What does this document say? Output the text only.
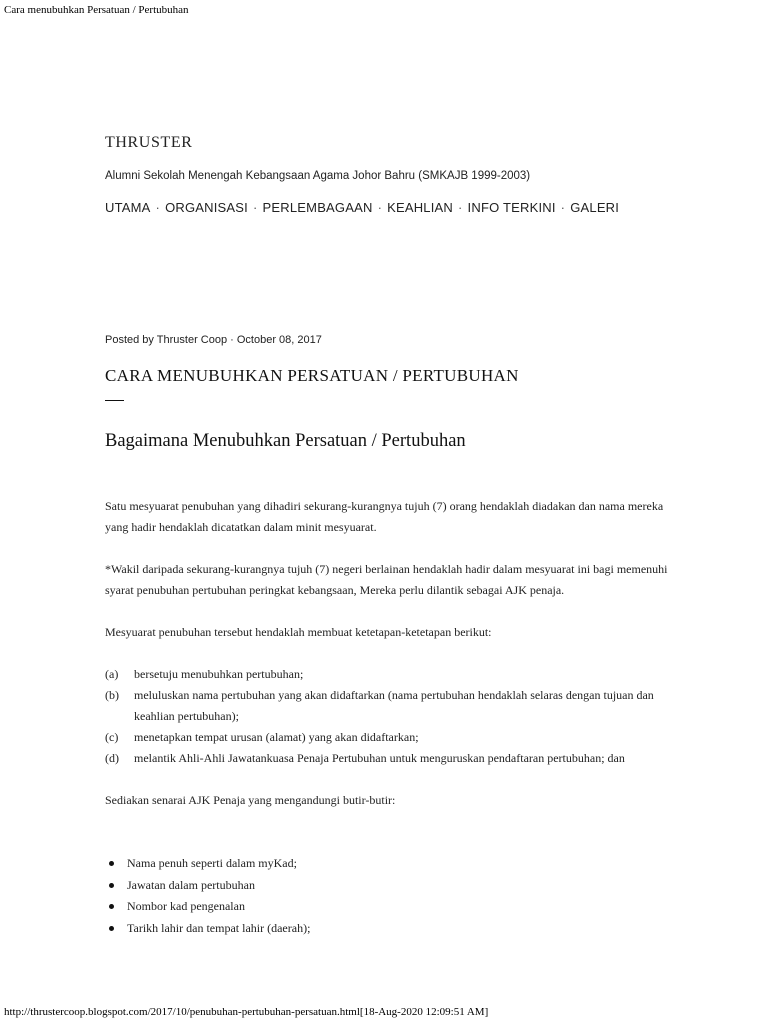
Cara menubuhkan Persatuan / Pertubuhan
THRUSTER
Alumni Sekolah Menengah Kebangsaan Agama Johor Bahru (SMKAJB 1999-2003)
UTAMA · ORGANISASI · PERLEMBAGAAN · KEAHLIAN · INFO TERKINI · GALERI
Posted by Thruster Coop · October 08, 2017
CARA MENUBUHKAN PERSATUAN / PERTUBUHAN
Bagaimana Menubuhkan Persatuan / Pertubuhan

Satu mesyuarat penubuhan yang dihadiri sekurang-kurangnya tujuh (7) orang hendaklah diadakan dan nama mereka yang hadir hendaklah dicatatkan dalam minit mesyuarat.

*Wakil daripada sekurang-kurangnya tujuh (7) negeri berlainan hendaklah hadir dalam mesyuarat ini bagi memenuhi syarat penubuhan pertubuhan peringkat kebangsaan, Mereka perlu dilantik sebagai AJK penaja.

Mesyuarat penubuhan tersebut hendaklah membuat ketetapan-ketetapan berikut:

(a)	bersetuju menubuhkan pertubuhan;
(b)	meluluskan nama pertubuhan yang akan didaftarkan (nama pertubuhan hendaklah selaras dengan tujuan dan keahlian pertubuhan);
(c)	menetapkan tempat urusan (alamat) yang akan didaftarkan;
(d)	melantik Ahli-Ahli Jawatankuasa Penaja Pertubuhan untuk menguruskan pendaftaran pertubuhan; dan

Sediakan senarai AJK Penaja yang mengandungi butir-butir:

Nama penuh seperti dalam myKad;
Jawatan dalam pertubuhan
Nombor kad pengenalan
Tarikh lahir dan tempat lahir (daerah);
http://thrustercoop.blogspot.com/2017/10/penubuhan-pertubuhan-persatuan.html[18-Aug-2020 12:09:51 AM]
